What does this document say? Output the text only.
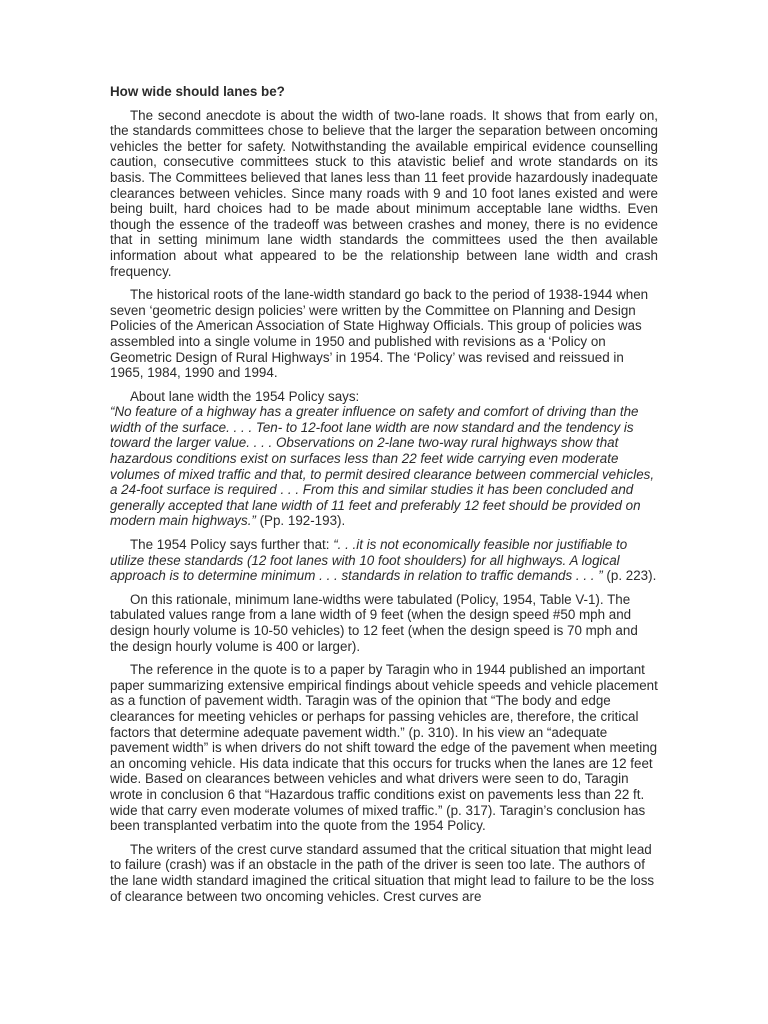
How wide should lanes be?

The second anecdote is about the width of two-lane roads. It shows that from early on, the standards committees chose to believe that the larger the separation between oncoming vehicles the better for safety. Notwithstanding the available empirical evidence counselling caution, consecutive committees stuck to this atavistic belief and wrote standards on its basis. The Committees believed that lanes less than 11 feet provide hazardously inadequate clearances between vehicles. Since many roads with 9 and 10 foot lanes existed and were being built, hard choices had to be made about minimum acceptable lane widths. Even though the essence of the tradeoff was between crashes and money, there is no evidence that in setting minimum lane width standards the committees used the then available information about what appeared to be the relationship between lane width and crash frequency.

The historical roots of the lane-width standard go back to the period of 1938-1944 when seven ‘geometric design policies’ were written by the Committee on Planning and Design Policies of the American Association of State Highway Officials. This group of policies was assembled into a single volume in 1950 and published with revisions as a ‘Policy on Geometric Design of Rural Highways’ in 1954. The ‘Policy’ was revised and reissued in 1965, 1984, 1990 and 1994.

About lane width the 1954 Policy says:

“No feature of a highway has a greater influence on safety and comfort of driving than the width of the surface. . . . Ten- to 12-foot lane width are now standard and the tendency is toward the larger value. . . . Observations on 2-lane two-way rural highways show that hazardous conditions exist on surfaces less than 22 feet wide carrying even moderate volumes of mixed traffic and that, to permit desired clearance between commercial vehicles, a 24-foot surface is required . . . From this and similar studies it has been concluded and generally accepted that lane width of 11 feet and preferably 12 feet should be provided on modern main highways.” (Pp. 192-193).

The 1954 Policy says further that: “. . .it is not economically feasible nor justifiable to utilize these standards (12 foot lanes with 10 foot shoulders) for all highways. A logical approach is to determine minimum . . . standards in relation to traffic demands . . . ” (p. 223).

On this rationale, minimum lane-widths were tabulated (Policy, 1954, Table V-1). The tabulated values range from a lane width of 9 feet (when the design speed #50 mph and design hourly volume is 10-50 vehicles) to 12 feet (when the design speed is 70 mph and the design hourly volume is 400 or larger).

The reference in the quote is to a paper by Taragin who in 1944 published an important paper summarizing extensive empirical findings about vehicle speeds and vehicle placement as a function of pavement width. Taragin was of the opinion that “The body and edge clearances for meeting vehicles or perhaps for passing vehicles are, therefore, the critical factors that determine adequate pavement width.” (p. 310). In his view an “adequate pavement width” is when drivers do not shift toward the edge of the pavement when meeting an oncoming vehicle. His data indicate that this occurs for trucks when the lanes are 12 feet wide. Based on clearances between vehicles and what drivers were seen to do, Taragin wrote in conclusion 6 that “Hazardous traffic conditions exist on pavements less than 22 ft. wide that carry even moderate volumes of mixed traffic.” (p. 317). Taragin’s conclusion has been transplanted verbatim into the quote from the 1954 Policy.

The writers of the crest curve standard assumed that the critical situation that might lead to failure (crash) was if an obstacle in the path of the driver is seen too late. The authors of the lane width standard imagined the critical situation that might lead to failure to be the loss of clearance between two oncoming vehicles. Crest curves are
